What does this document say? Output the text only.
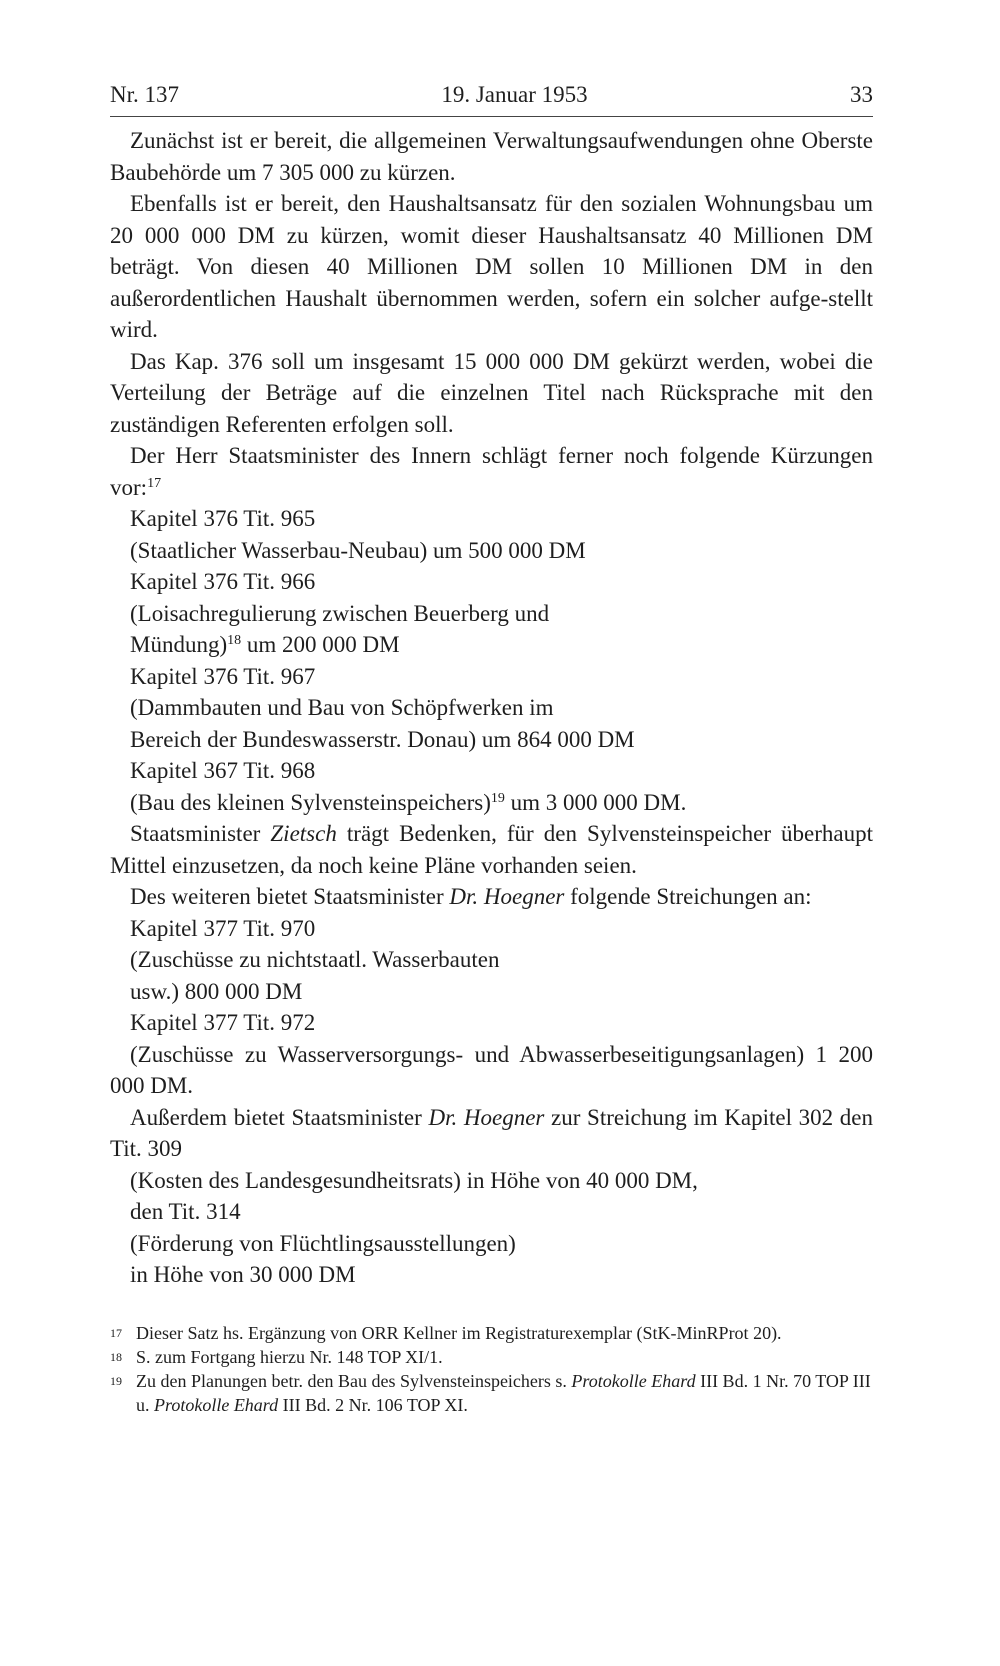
Nr. 137	19. Januar 1953	33

Zunächst ist er bereit, die allgemeinen Verwaltungsaufwendungen ohne Oberste Baubehörde um 7 305 000 zu kürzen.

Ebenfalls ist er bereit, den Haushaltsansatz für den sozialen Wohnungsbau um 20 000 000 DM zu kürzen, womit dieser Haushaltsansatz 40 Millionen DM beträgt. Von diesen 40 Millionen DM sollen 10 Millionen DM in den außerordentlichen Haushalt übernommen werden, sofern ein solcher aufge-stellt wird.

Das Kap. 376 soll um insgesamt 15 000 000 DM gekürzt werden, wobei die Verteilung der Beträge auf die einzelnen Titel nach Rücksprache mit den zuständigen Referenten erfolgen soll.

Der Herr Staatsminister des Innern schlägt ferner noch folgende Kürzungen vor:$^{17}$

Kapitel 376 Tit. 965

(Staatlicher Wasserbau-Neubau) um 500 000 DM

Kapitel 376 Tit. 966

(Loisachregulierung zwischen Beuerberg und

Mündung)$^{18}$ um 200 000 DM

Kapitel 376 Tit. 967

(Dammbauten und Bau von Schöpfwerken im

Bereich der Bundeswasserstr. Donau) um 864 000 DM

Kapitel 367 Tit. 968

(Bau des kleinen Sylvensteinspeichers)$^{19}$ um 3 000 000 DM.

Staatsminister Zietsch trägt Bedenken, für den Sylvensteinspeicher überhaupt Mittel einzusetzen, da noch keine Pläne vorhanden seien.

Des weiteren bietet Staatsminister Dr. Hoegner folgende Streichungen an:

Kapitel 377 Tit. 970

(Zuschüsse zu nichtstaatl. Wasserbauten

usw.) 800 000 DM

Kapitel 377 Tit. 972

(Zuschüsse zu Wasserversorgungs- und Abwasserbeseitigungsanlagen) 1 200 000 DM.

Außerdem bietet Staatsminister Dr. Hoegner zur Streichung im Kapitel 302 den Tit. 309

(Kosten des Landesgesundheitsrats) in Höhe von 40 000 DM,

den Tit. 314

(Förderung von Flüchtlingsausstellungen)

in Höhe von 30 000 DM

17 Dieser Satz hs. Ergänzung von ORR Kellner im Registraturexemplar (StK-MinRProt 20).
18 S. zum Fortgang hierzu Nr. 148 TOP XI/1.
19 Zu den Planungen betr. den Bau des Sylvensteinspeichers s. Protokolle Ehard III Bd. 1 Nr. 70 TOP III u. Protokolle Ehard III Bd. 2 Nr. 106 TOP XI.
